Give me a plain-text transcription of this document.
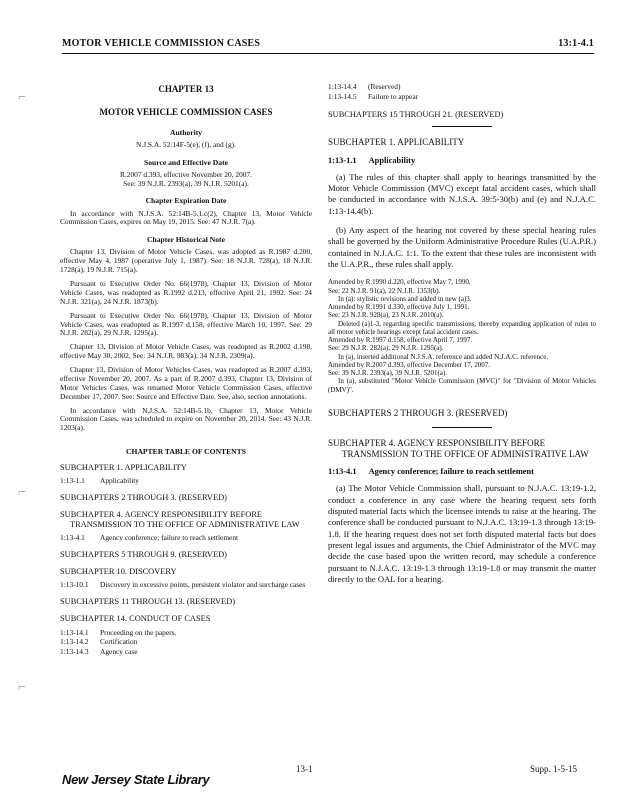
MOTOR VEHICLE COMMISSION CASES	13:1-4.1
⌐
⌐
⌐
CHAPTER 13
MOTOR VEHICLE COMMISSION CASES
Authority
N.J.S.A. 52:14F-5(e), (f), and (g).
Source and Effective Date
R.2007 d.393, effective November 20, 2007.
See: 39 N.J.R. 2393(a), 39 N.J.R. 5201(a).
Chapter Expiration Date

In accordance with N.J.S.A. 52:14B-5.1.c(2), Chapter 13, Motor Vehicle Commission Cases, expires on May 19, 2015. See: 47 N.J.R. 7(a).

Chapter Historical Note

Chapter 13, Division of Motor Vehicle Cases, was adopted as R.1987 d.200, effective May 4, 1987 (operative July 1, 1987). See: 18 N.J.R. 728(a), 18 N.J.R. 1728(a), 19 N.J.R. 715(a).

Pursuant to Executive Order No. 66(1978), Chapter 13, Division of Motor Vehicle Cases, was readopted as R.1992 d.213, effective April 21, 1992. See: 24 N.J.R. 321(a), 24 N.J.R. 1873(b).

Pursuant to Executive Order No. 66(1978), Chapter 13, Division of Motor Vehicle Cases, was readopted as R.1997 d.158, effective March 10, 1997. See: 29 N.J.R. 282(a), 29 N.J.R. 1295(a).

Chapter 13, Division of Motor Vehicle Cases, was readopted as R.2002 d.198, effective May 30, 2002. See: 34 N.J.R. 983(a), 34 N.J.R. 2309(a).

Chapter 13, Division of Motor Vehicles Cases, was readopted as R.2007 d.393, effective November 20, 2007. As a part of R.2007 d.393, Chapter 13, Division of Motor Vehicles Cases, was renamed Motor Vehicle Commission Cases, effective December 17, 2007. See: Source and Effective Date. See, also, section annotations.

In accordance with N.J.S.A. 52:14B-5.1b, Chapter 13, Motor Vehicle Commission Cases, was scheduled to expire on November 20, 2014. See: 43 N.J.R. 1203(a).

CHAPTER TABLE OF CONTENTS
SUBCHAPTER 1. APPLICABILITY
1:13-1.1	Applicability
SUBCHAPTERS 2 THROUGH 3. (RESERVED)
SUBCHAPTER 4. AGENCY RESPONSIBILITY BEFORE TRANSMISSION TO THE OFFICE OF ADMINISTRATIVE LAW
1:13-4.1	Agency conference; failure to reach settlement
SUBCHAPTERS 5 THROUGH 9. (RESERVED)
SUBCHAPTER 10. DISCOVERY
1:13-10.1	Discovery in excessive points, persistent violator and surcharge cases
SUBCHAPTERS 11 THROUGH 13. (RESERVED)
SUBCHAPTER 14. CONDUCT OF CASES
1:13-14.1	Proceeding on the papers.
1:13-14.2	Certification
1:13-14.3	Agency case
1:13-14.4	(Reserved)
1:13-14.5	Failure to appear
SUBCHAPTERS 15 THROUGH 21. (RESERVED)
SUBCHAPTER 1. APPLICABILITY
1:13-1.1 Applicability

(a) The rules of this chapter shall apply to hearings transmitted by the Motor Vehicle Commission (MVC) except fatal accident cases, which shall be conducted in accordance with N.J.S.A. 39:5-30(b) and (e) and N.J.A.C. 1:13-14.4(b).

(b) Any aspect of the hearing not covered by these special hearing rules shall be governed by the Uniform Administrative Procedure Rules (U.A.P.R.) contained in N.J.A.C. 1:1. To the extent that these rules are inconsistent with the U.A.P.R., these rules shall apply.

Amended by R.1990 d.220, effective May 7, 1990.

See: 22 N.J.R. 91(a), 22 N.J.R. 1353(b).

In (a): stylistic revisions and added in new (a)3.

Amended by R.1991 d.330, effective July 1, 1991.

See: 23 N.J.R. 928(a), 23 N.J.R. 2010(a).

Deleted (a)1-3, regarding specific transmissions, thereby expanding application of rules to all motor vehicle hearings except fatal accident cases.

Amended by R.1997 d.158, effective April 7, 1997.

See: 29 N.J.R. 282(a), 29 N.J.R. 1295(a).

In (a), inserted additional N.J.S.A. reference and added N.J.A.C. reference.

Amended by R.2007 d.393, effective December 17, 2007.

See: 39 N.J.R. 2393(a), 39 N.J.R. 5201(a).

In (a), substituted "Motor Vehicle Commission (MVC)" for "Division of Motor Vehicles (DMV)".

SUBCHAPTERS 2 THROUGH 3. (RESERVED)
SUBCHAPTER 4. AGENCY RESPONSIBILITY BEFORE TRANSMISSION TO THE OFFICE OF ADMINISTRATIVE LAW
1:13-4.1 Agency conference; failure to reach settlement

(a) The Motor Vehicle Commission shall, pursuant to N.J.A.C. 13:19-1.2, conduct a conference in any case where the hearing request sets forth disputed material facts which the licensee intends to raise at the hearing. The conference shall be conducted pursuant to N.J.A.C. 13:19-1.3 through 13:19-1.8. If the hearing request does not set forth disputed material facts but does present legal issues and arguments, the Chief Administrator of the MVC may decide the case based upon the written record, may schedule a conference pursuant to N.J.A.C. 13:19-1.3 through 13:19-1.8 or may transmit the matter directly to the OAL for a hearing.

13-1	Supp. 1-5-15
New Jersey State Library
